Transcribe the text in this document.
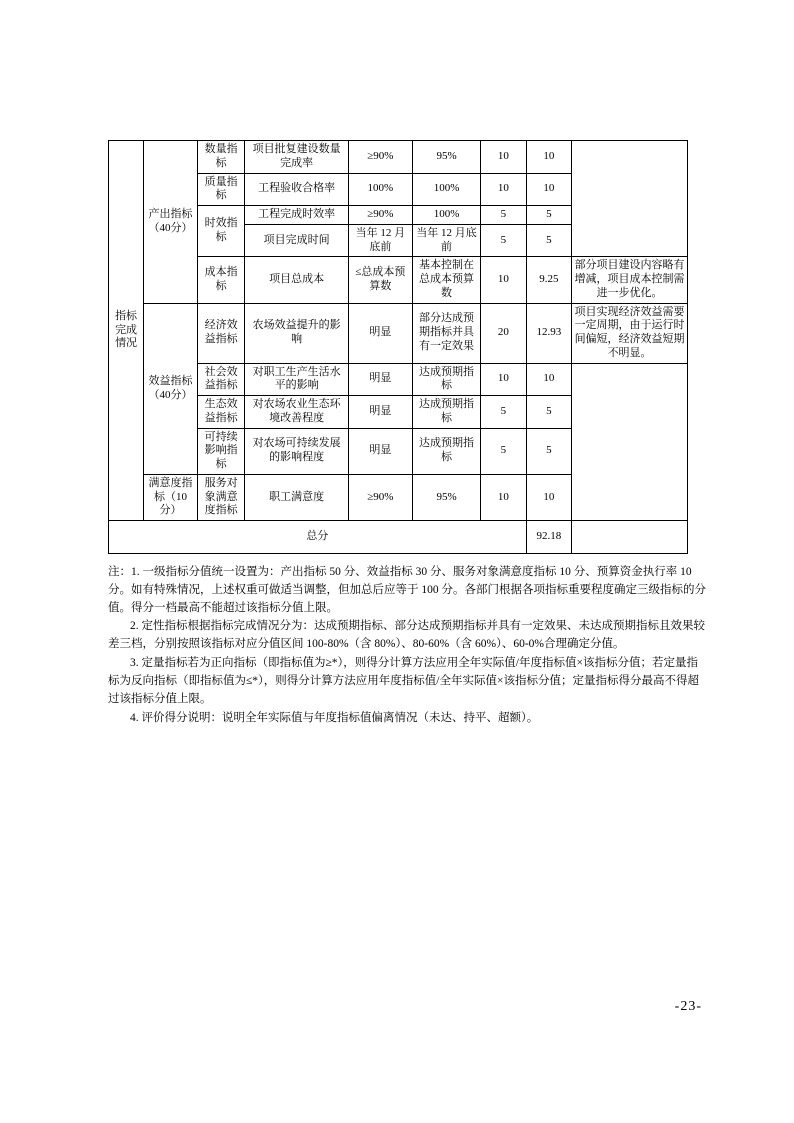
指标完成情况	产出指标（40分）	数量指标	项目批复建设数量完成率	≥90%	95%	10	10	
		质量指标	工程验收合格率	100%	100%	10	10	
		时效指标	工程完成时效率	≥90%	100%	5	5	
			项目完成时间	当年 12 月底前	当年 12 月底前	5	5	
		成本指标	项目总成本	≤总成本预算数	基本控制在总成本预算数	10	9.25	部分项目建设内容略有增减，项目成本控制需进一步优化。
	效益指标（40分）	经济效益指标	农场效益提升的影响	明显	部分达成预期指标并具有一定效果	20	12.93	项目实现经济效益需要一定周期，由于运行时间偏短，经济效益短期不明显。
		社会效益指标	对职工生产生活水平的影响	明显	达成预期指标	10	10	
		生态效益指标	对农场农业生态环境改善程度	明显	达成预期指标	5	5	
		可持续影响指标	对农场可持续发展的影响程度	明显	达成预期指标	5	5	
	满意度指标（10分）	服务对象满意度指标	职工满意度	≥90%	95%	10	10	
总分							92.18	

注：1. 一级指标分值统一设置为：产出指标 50 分、效益指标 30 分、服务对象满意度指标 10 分、预算资金执行率 10 分。如有特殊情况，上述权重可做适当调整，但加总后应等于 100 分。各部门根据各项指标重要程度确定三级指标的分值。得分一档最高不能超过该指标分值上限。

2. 定性指标根据指标完成情况分为：达成预期指标、部分达成预期指标并具有一定效果、未达成预期指标且效果较差三档，分别按照该指标对应分值区间 100-80%（含 80%）、80-60%（含 60%）、60-0%合理确定分值。

3. 定量指标若为正向指标（即指标值为≥*），则得分计算方法应用全年实际值/年度指标值×该指标分值；若定量指标为反向指标（即指标值为≤*），则得分计算方法应用年度指标值/全年实际值×该指标分值；定量指标得分最高不得超过该指标分值上限。

4. 评价得分说明：说明全年实际值与年度指标值偏离情况（未达、持平、超额）。

-23-
